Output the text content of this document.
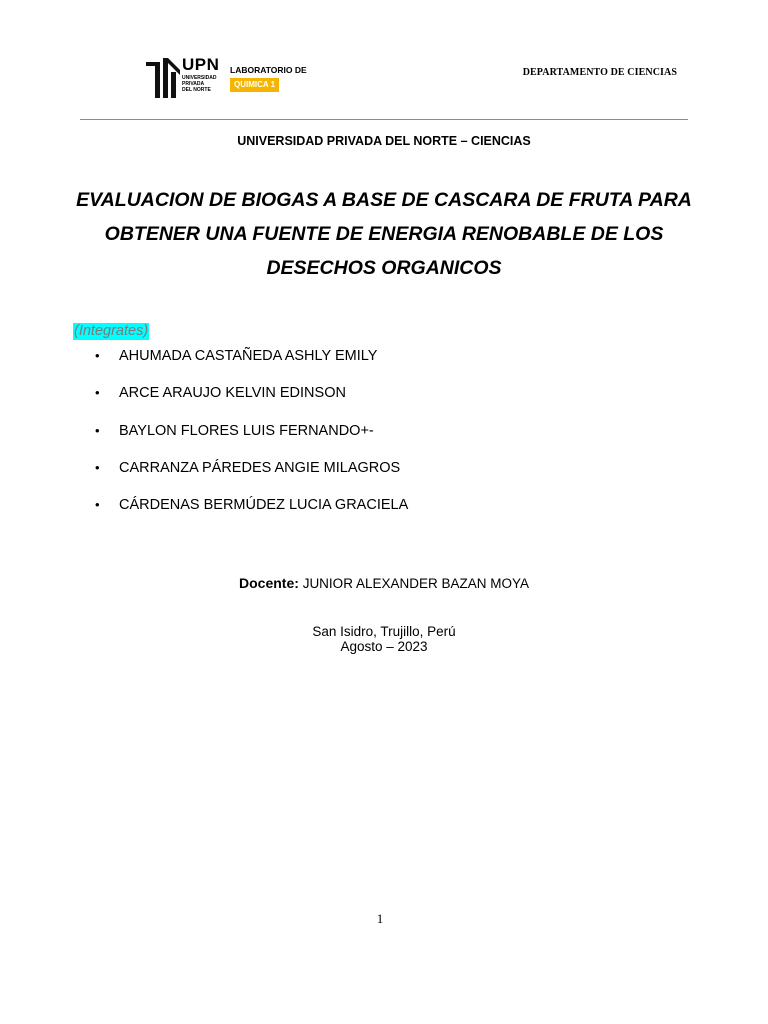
UPN
UNIVERSIDAD
PRIVADA
DEL NORTE
LABORATORIO DE
QUIMICA 1
DEPARTAMENTO DE CIENCIAS
UNIVERSIDAD PRIVADA DEL NORTE – CIENCIAS
EVALUACION DE BIOGAS A BASE DE CASCARA DE FRUTA PARA OBTENER UNA FUENTE DE ENERGIA RENOBABLE DE LOS DESECHOS ORGANICOS
(Integrates)
• AHUMADA CASTAÑEDA ASHLY EMILY
• ARCE ARAUJO KELVIN EDINSON
• BAYLON FLORES LUIS FERNANDO+-
• CARRANZA PÁREDES ANGIE MILAGROS
• CÁRDENAS BERMÚDEZ LUCIA GRACIELA
Docente: JUNIOR ALEXANDER BAZAN MOYA
San Isidro, Trujillo, Perú
Agosto – 2023
1
